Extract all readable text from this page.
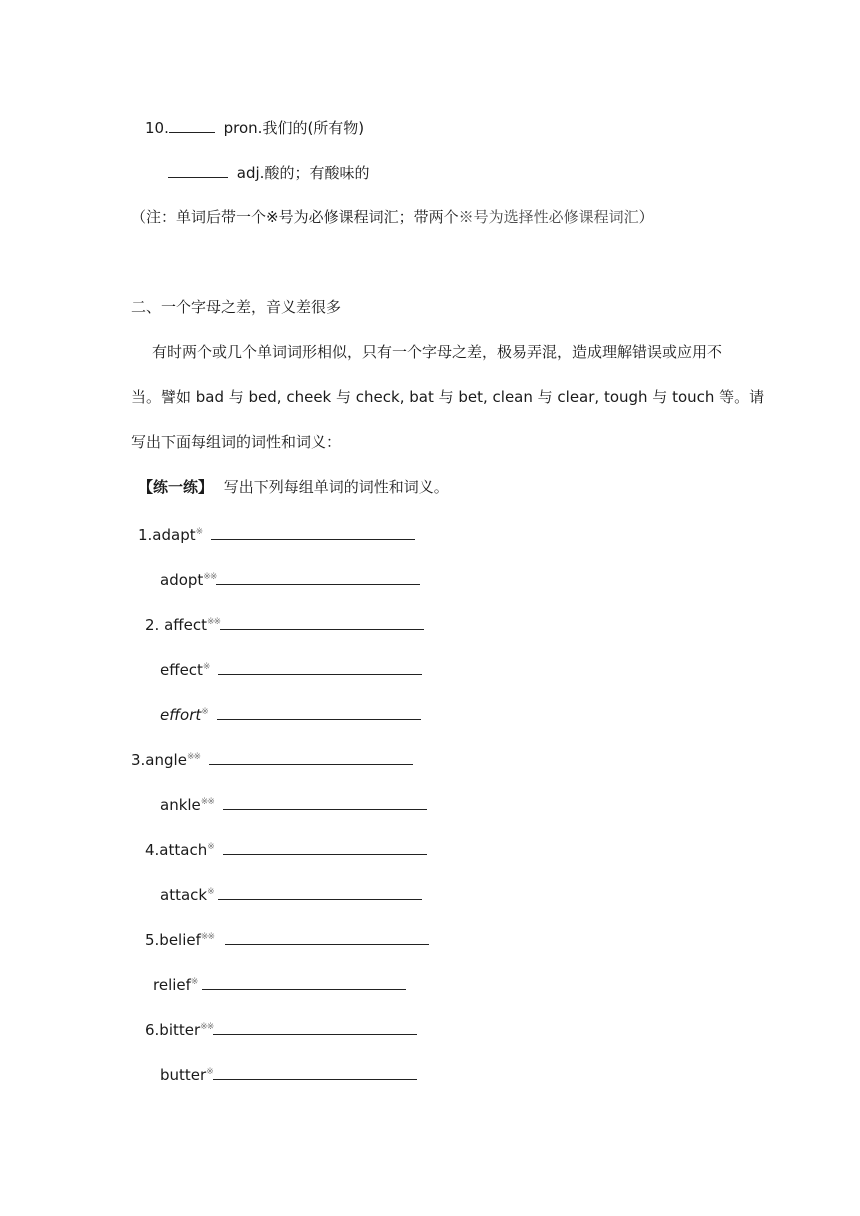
10.	pron.我们的(所有物)
adj.酸的；有酸味的
（注：单词后带一个※号为必修课程词汇；带两个※号为选择性必修课程词汇）
二、一个字母之差，音义差很多
有时两个或几个单词词形相似，只有一个字母之差，极易弄混，造成理解错误或应用不
当。譬如 bad 与 bed, cheek 与 check, bat 与 bet, clean 与 clear, tough 与 touch 等。请
写出下面每组词的词性和词义：
【练一练】 写出下列每组单词的词性和词义。
1.adapt※
adopt※※
2. affect※※
effect※
effort※
3.angle※※
ankle※※
4.attach※
attack※
5.belief※※
relief※
6.bitter※※
butter※
